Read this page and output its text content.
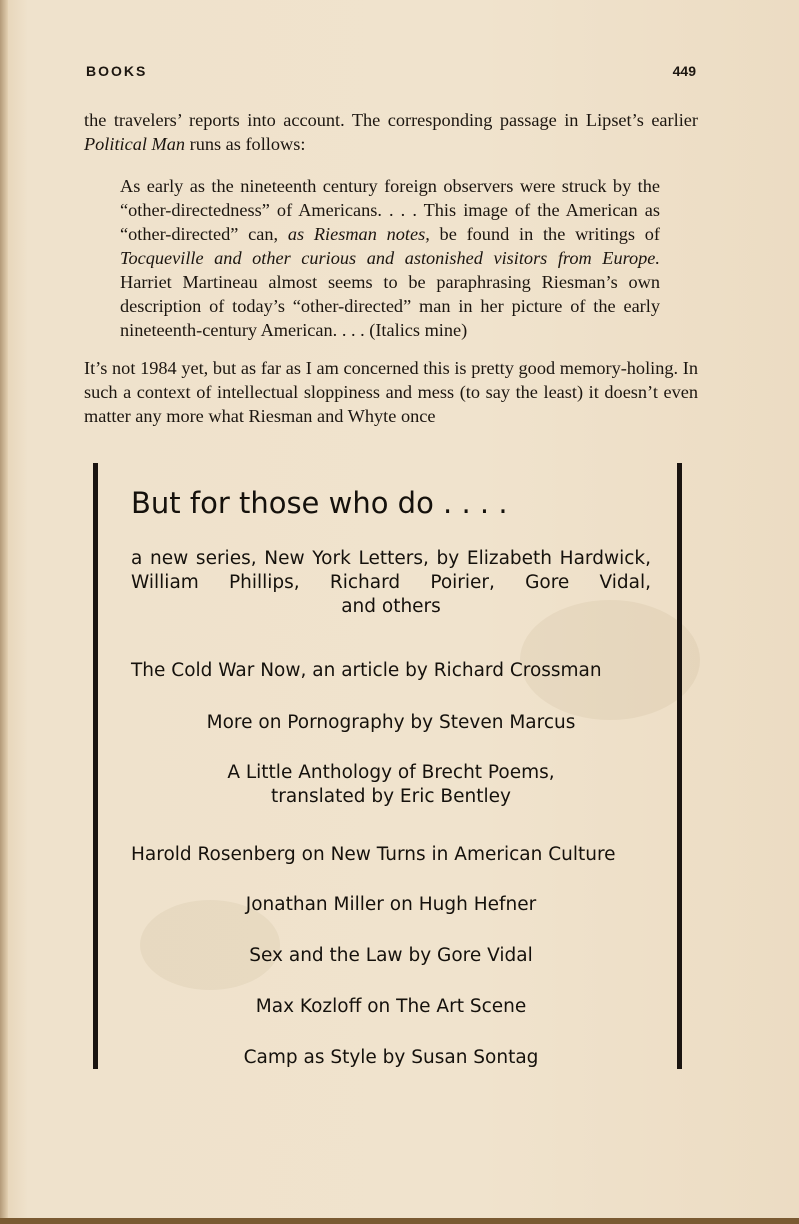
BOOKS	449

the travelers’ reports into account. The corresponding passage in Lipset’s earlier Political Man runs as follows:

As early as the nineteenth century foreign observers were struck by the “other-directedness” of Americans. . . . This image of the American as “other-directed” can, as Riesman notes, be found in the writings of Tocqueville and other curious and astonished visitors from Europe. Harriet Martineau almost seems to be paraphrasing Riesman’s own description of today’s “other-directed” man in her picture of the early nineteenth-century American. . . . (Italics mine)

It’s not 1984 yet, but as far as I am concerned this is pretty good memory-holing. In such a context of intellectual sloppiness and mess (to say the least) it doesn’t even matter any more what Riesman and Whyte once

But for those who do . . . .

a new series, New York Letters, by Elizabeth Hardwick,
William Phillips, Richard Poirier, Gore Vidal,
and others

The Cold War Now, an article by Richard Crossman

More on Pornography by Steven Marcus

A Little Anthology of Brecht Poems,
translated by Eric Bentley

Harold Rosenberg on New Turns in American Culture

Jonathan Miller on Hugh Hefner

Sex and the Law by Gore Vidal

Max Kozloff on The Art Scene

Camp as Style by Susan Sontag
